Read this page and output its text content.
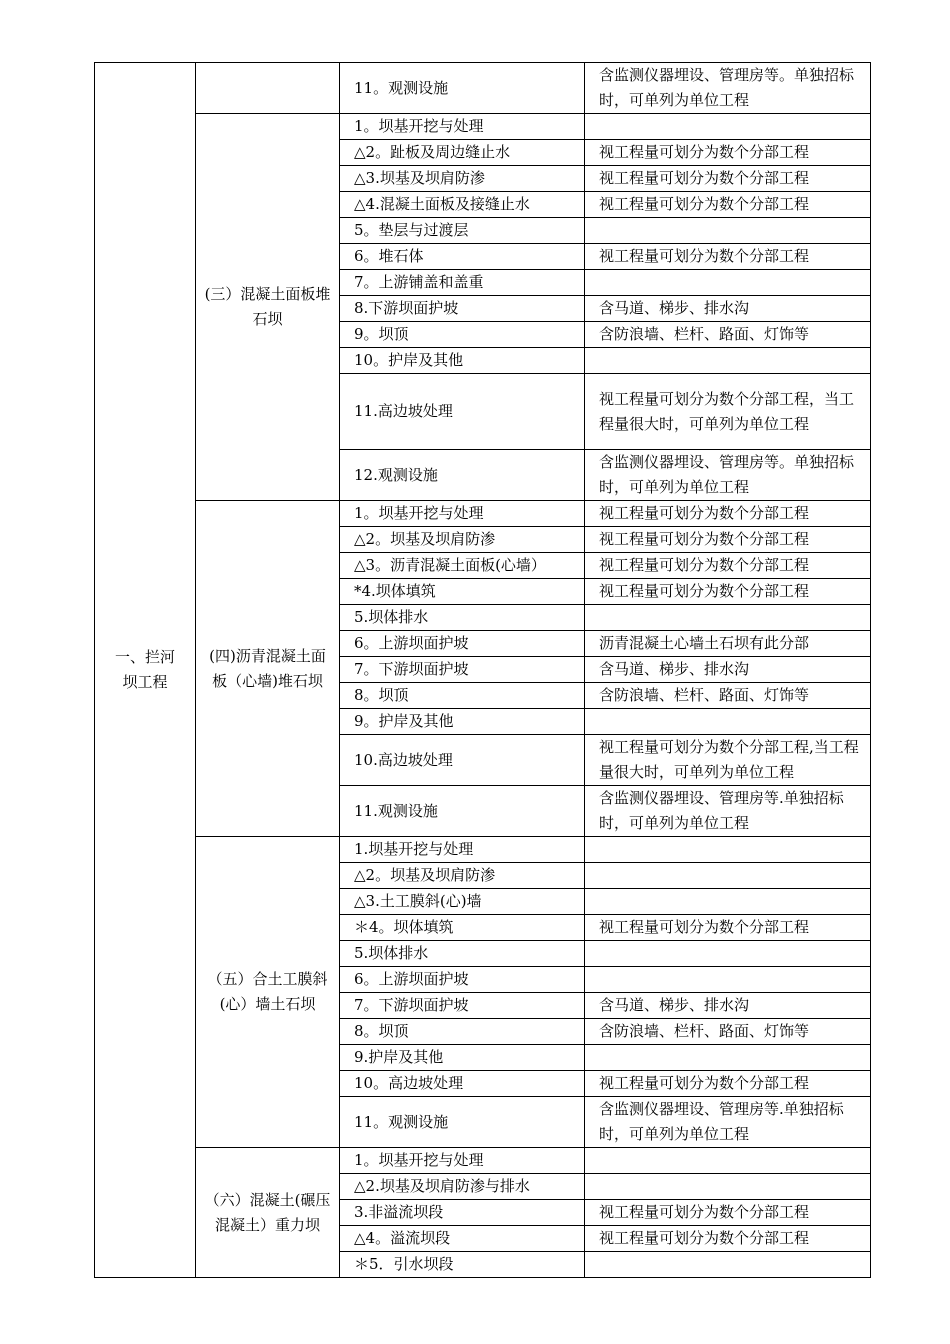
一、拦河坝工程		11。观测设施	含监测仪器埋设、管理房等。单独招标时，可单列为单位工程

	(三）混凝土面板堆石坝	1。坝基开挖与处理	
		△2。趾板及周边缝止水	视工程量可划分为数个分部工程
		△3.坝基及坝肩防渗	视工程量可划分为数个分部工程
		△4.混凝土面板及接缝止水	视工程量可划分为数个分部工程
		5。垫层与过渡层	
		6。堆石体	视工程量可划分为数个分部工程
		7。上游铺盖和盖重	
		8.下游坝面护坡	含马道、梯步、排水沟
		9。坝顶	含防浪墙、栏杆、路面、灯饰等
		10。护岸及其他	
		11.高边坡处理	视工程量可划分为数个分部工程，当工程量很大时，可单列为单位工程
		12.观测设施	含监测仪器埋设、管理房等。单独招标时，可单列为单位工程

	(四)沥青混凝土面板（心墙)堆石坝	1。坝基开挖与处理	视工程量可划分为数个分部工程
		△2。坝基及坝肩防渗	视工程量可划分为数个分部工程
		△3。沥青混凝土面板(心墙）	视工程量可划分为数个分部工程
		*4.坝体填筑	视工程量可划分为数个分部工程
		5.坝体排水	
		6。上游坝面护坡	沥青混凝土心墙土石坝有此分部
		7。下游坝面护坡	含马道、梯步、排水沟
		8。坝顶	含防浪墙、栏杆、路面、灯饰等
		9。护岸及其他	
		10.高边坡处理	视工程量可划分为数个分部工程,当工程量很大时，可单列为单位工程
		11.观测设施	含监测仪器埋设、管理房等.单独招标时，可单列为单位工程

	（五）合土工膜斜(心）墙土石坝	1.坝基开挖与处理	
		△2。坝基及坝肩防渗	
		△3.土工膜斜(心)墙	
		＊4。坝体填筑	视工程量可划分为数个分部工程
		5.坝体排水	
		6。上游坝面护坡	
		7。下游坝面护坡	含马道、梯步、排水沟
		8。坝顶	含防浪墙、栏杆、路面、灯饰等
		9.护岸及其他	
		10。高边坡处理	视工程量可划分为数个分部工程
		11。观测设施	含监测仪器埋设、管理房等.单独招标时，可单列为单位工程

	（六）混凝土(碾压混凝土）重力坝	1。坝基开挖与处理	
		△2.坝基及坝肩防渗与排水	
		3.非溢流坝段	视工程量可划分为数个分部工程
		△4。溢流坝段	视工程量可划分为数个分部工程
		＊5．引水坝段	
